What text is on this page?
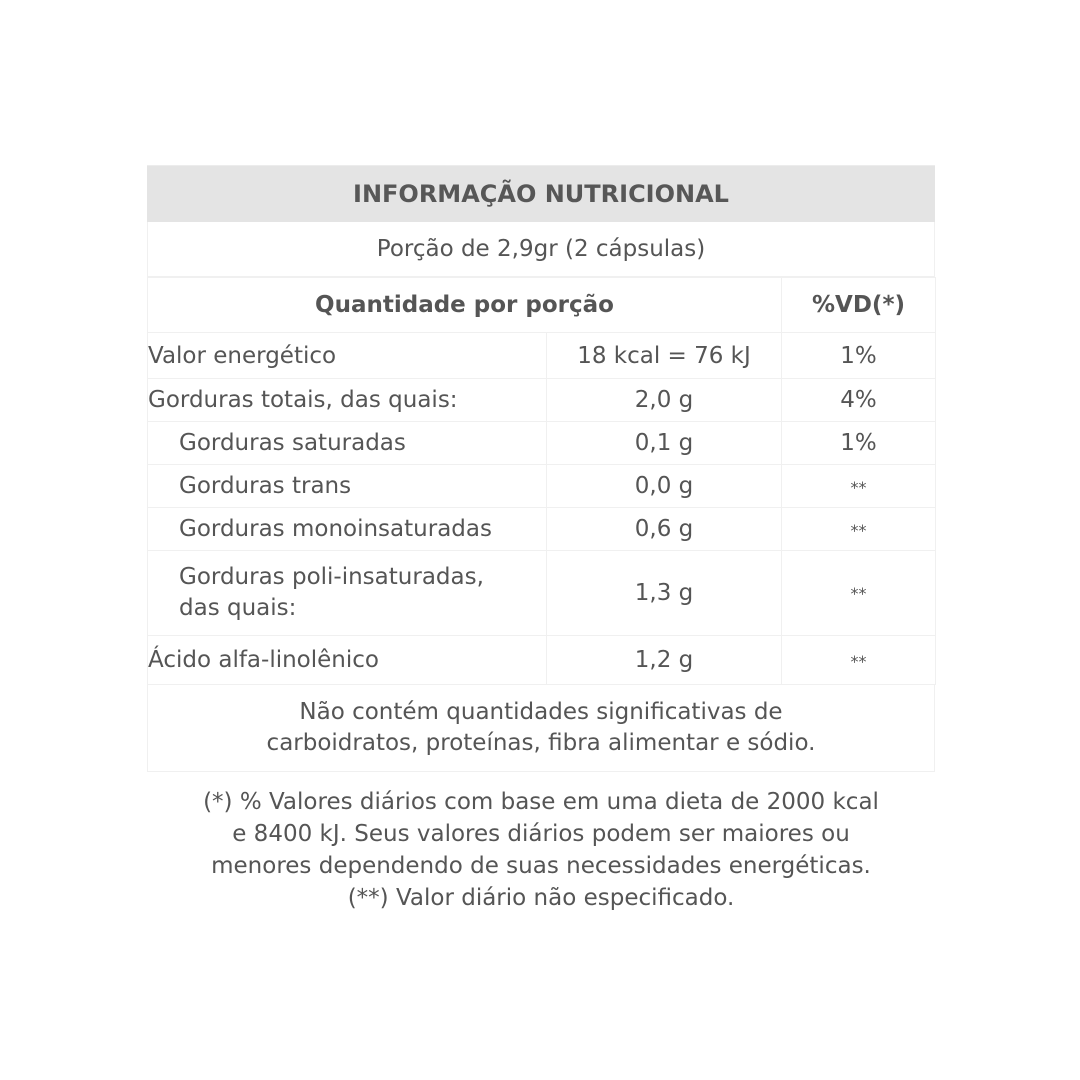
INFORMAÇÃO NUTRICIONAL
Porção de 2,9gr (2 cápsulas)
Quantidade por porção		%VD(*)
Valor energético	18 kcal = 76 kJ	1%
Gorduras totais, das quais:	2,0 g	4%
Gorduras saturadas	0,1 g	1%
Gorduras trans	0,0 g	**
Gorduras monoinsaturadas	0,6 g	**

Gorduras poli-insaturadas,
das quais:	1,3 g	**
Ácido alfa-linolênico	1,2 g	**
Não contém quantidades significativas de
carboidratos, proteínas, fibra alimentar e sódio.
(*) % Valores diários com base em uma dieta de 2000 kcal
e 8400 kJ. Seus valores diários podem ser maiores ou
menores dependendo de suas necessidades energéticas.
(**) Valor diário não especificado.
